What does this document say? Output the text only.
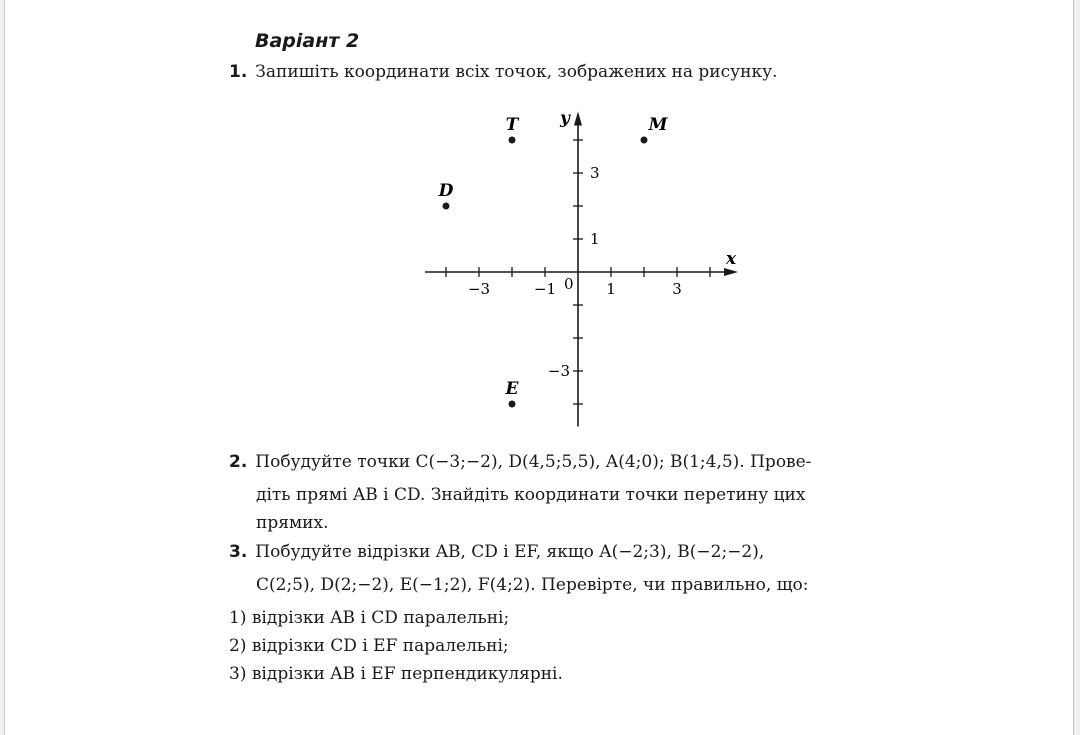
Варіант 2
1. Запишіть координати всіх точок, зображених на рисунку.
−3	−1	1	3
3
1
−3
0
x
y
T	M
D
E
2. Побудуйте точки C(−3;−2), D(4,5;5,5), A(4;0); B(1;4,5). Прове-
діть прямі AB і CD. Знайдіть координати точки перетину цих
прямих.
3. Побудуйте відрізки AB, CD і EF, якщо A(−2;3), B(−2;−2),
C(2;5), D(2;−2), E(−1;2), F(4;2). Перевірте, чи правильно, що:
1) відрізки AB і CD паралельні;
2) відрізки CD і EF паралельні;
3) відрізки AB і EF перпендикулярні.
